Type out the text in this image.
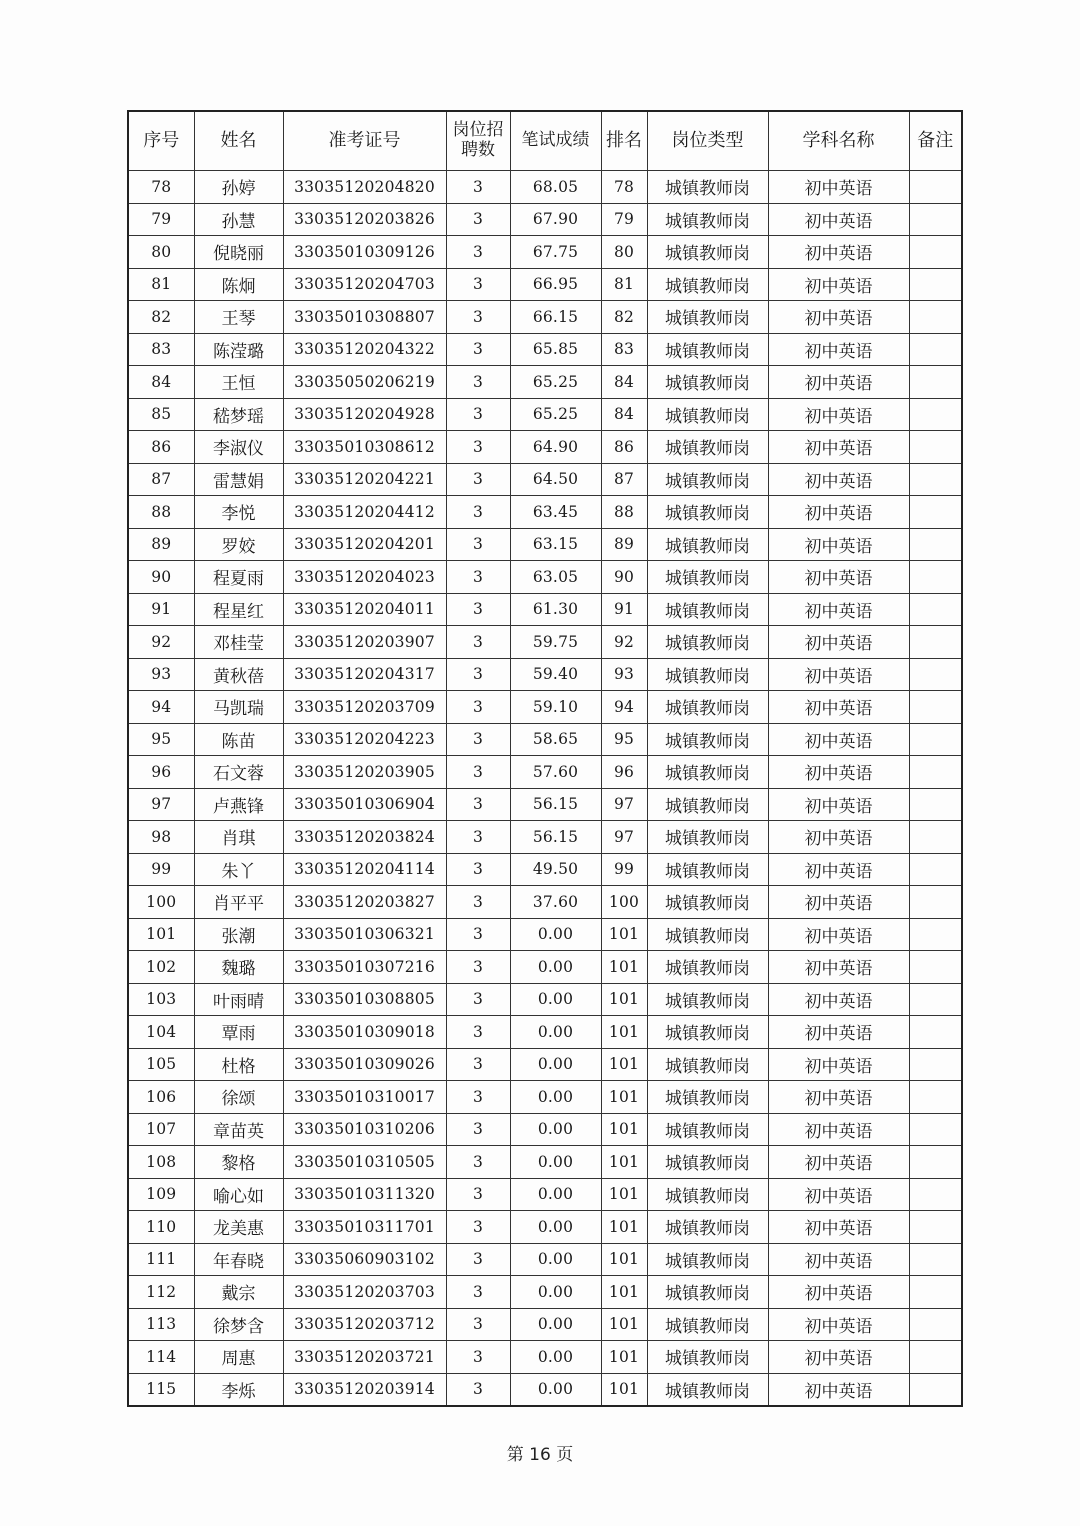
序号	姓名	准考证号	岗位招聘数	笔试成绩	排名	岗位类型	学科名称	备注
78	孙婷	33035120204820	3	68.05	78	城镇教师岗	初中英语	
79	孙慧	33035120203826	3	67.90	79	城镇教师岗	初中英语	
80	倪晓丽	33035010309126	3	67.75	80	城镇教师岗	初中英语	
81	陈炯	33035120204703	3	66.95	81	城镇教师岗	初中英语	
82	王琴	33035010308807	3	66.15	82	城镇教师岗	初中英语	
83	陈滢璐	33035120204322	3	65.85	83	城镇教师岗	初中英语	
84	王恒	33035050206219	3	65.25	84	城镇教师岗	初中英语	
85	嵇梦瑶	33035120204928	3	65.25	84	城镇教师岗	初中英语	
86	李淑仪	33035010308612	3	64.90	86	城镇教师岗	初中英语	
87	雷慧娟	33035120204221	3	64.50	87	城镇教师岗	初中英语	
88	李悦	33035120204412	3	63.45	88	城镇教师岗	初中英语	
89	罗姣	33035120204201	3	63.15	89	城镇教师岗	初中英语	
90	程夏雨	33035120204023	3	63.05	90	城镇教师岗	初中英语	
91	程星红	33035120204011	3	61.30	91	城镇教师岗	初中英语	
92	邓桂莹	33035120203907	3	59.75	92	城镇教师岗	初中英语	
93	黄秋蓓	33035120204317	3	59.40	93	城镇教师岗	初中英语	
94	马凯瑞	33035120203709	3	59.10	94	城镇教师岗	初中英语	
95	陈苗	33035120204223	3	58.65	95	城镇教师岗	初中英语	
96	石文蓉	33035120203905	3	57.60	96	城镇教师岗	初中英语	
97	卢燕锋	33035010306904	3	56.15	97	城镇教师岗	初中英语	
98	肖琪	33035120203824	3	56.15	97	城镇教师岗	初中英语	
99	朱丫	33035120204114	3	49.50	99	城镇教师岗	初中英语	
100	肖平平	33035120203827	3	37.60	100	城镇教师岗	初中英语	
101	张潮	33035010306321	3	0.00	101	城镇教师岗	初中英语	
102	魏璐	33035010307216	3	0.00	101	城镇教师岗	初中英语	
103	叶雨晴	33035010308805	3	0.00	101	城镇教师岗	初中英语	
104	覃雨	33035010309018	3	0.00	101	城镇教师岗	初中英语	
105	杜格	33035010309026	3	0.00	101	城镇教师岗	初中英语	
106	徐颂	33035010310017	3	0.00	101	城镇教师岗	初中英语	
107	章苗英	33035010310206	3	0.00	101	城镇教师岗	初中英语	
108	黎格	33035010310505	3	0.00	101	城镇教师岗	初中英语	
109	喻心如	33035010311320	3	0.00	101	城镇教师岗	初中英语	
110	龙美惠	33035010311701	3	0.00	101	城镇教师岗	初中英语	
111	年春晓	33035060903102	3	0.00	101	城镇教师岗	初中英语	
112	戴宗	33035120203703	3	0.00	101	城镇教师岗	初中英语	
113	徐梦含	33035120203712	3	0.00	101	城镇教师岗	初中英语	
114	周惠	33035120203721	3	0.00	101	城镇教师岗	初中英语	
115	李烁	33035120203914	3	0.00	101	城镇教师岗	初中英语	
第 16 页
